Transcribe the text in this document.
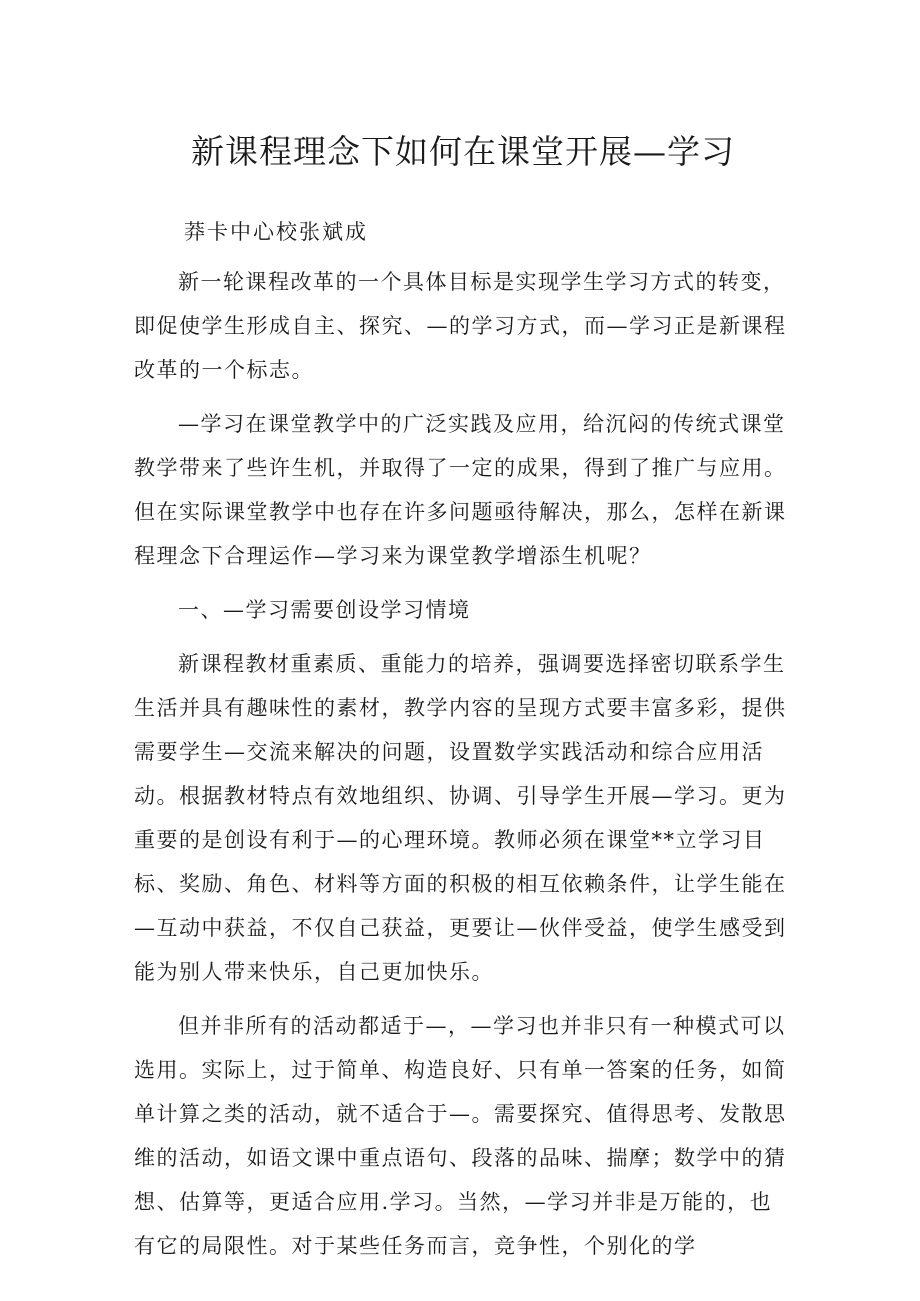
新课程理念下如何在课堂开展—学习
莽卡中心校张斌成

新一轮课程改革的一个具体目标是实现学生学习方式的转变，即促使学生形成自主、探究、—的学习方式，而—学习正是新课程改革的一个标志。

—学习在课堂教学中的广泛实践及应用，给沉闷的传统式课堂教学带来了些许生机，并取得了一定的成果，得到了推广与应用。但在实际课堂教学中也存在许多问题亟待解决，那么，怎样在新课程理念下合理运作—学习来为课堂教学增添生机呢？

一、—学习需要创设学习情境

新课程教材重素质、重能力的培养，强调要选择密切联系学生生活并具有趣味性的素材，教学内容的呈现方式要丰富多彩，提供需要学生—交流来解决的问题，设置数学实践活动和综合应用活动。根据教材特点有效地组织、协调、引导学生开展—学习。更为重要的是创设有利于—的心理环境。教师必须在课堂**立学习目标、奖励、角色、材料等方面的积极的相互依赖条件，让学生能在—互动中获益，不仅自己获益，更要让—伙伴受益，使学生感受到能为别人带来快乐，自己更加快乐。

但并非所有的活动都适于—，—学习也并非只有一种模式可以选用。实际上，过于简单、构造良好、只有单一答案的任务，如简单计算之类的活动，就不适合于—。需要探究、值得思考、发散思维的活动，如语文课中重点语句、段落的品味、揣摩；数学中的猜想、估算等，更适合应用.学习。当然，—学习并非是万能的，也有它的局限性。对于某些任务而言，竞争性，个别化的学
